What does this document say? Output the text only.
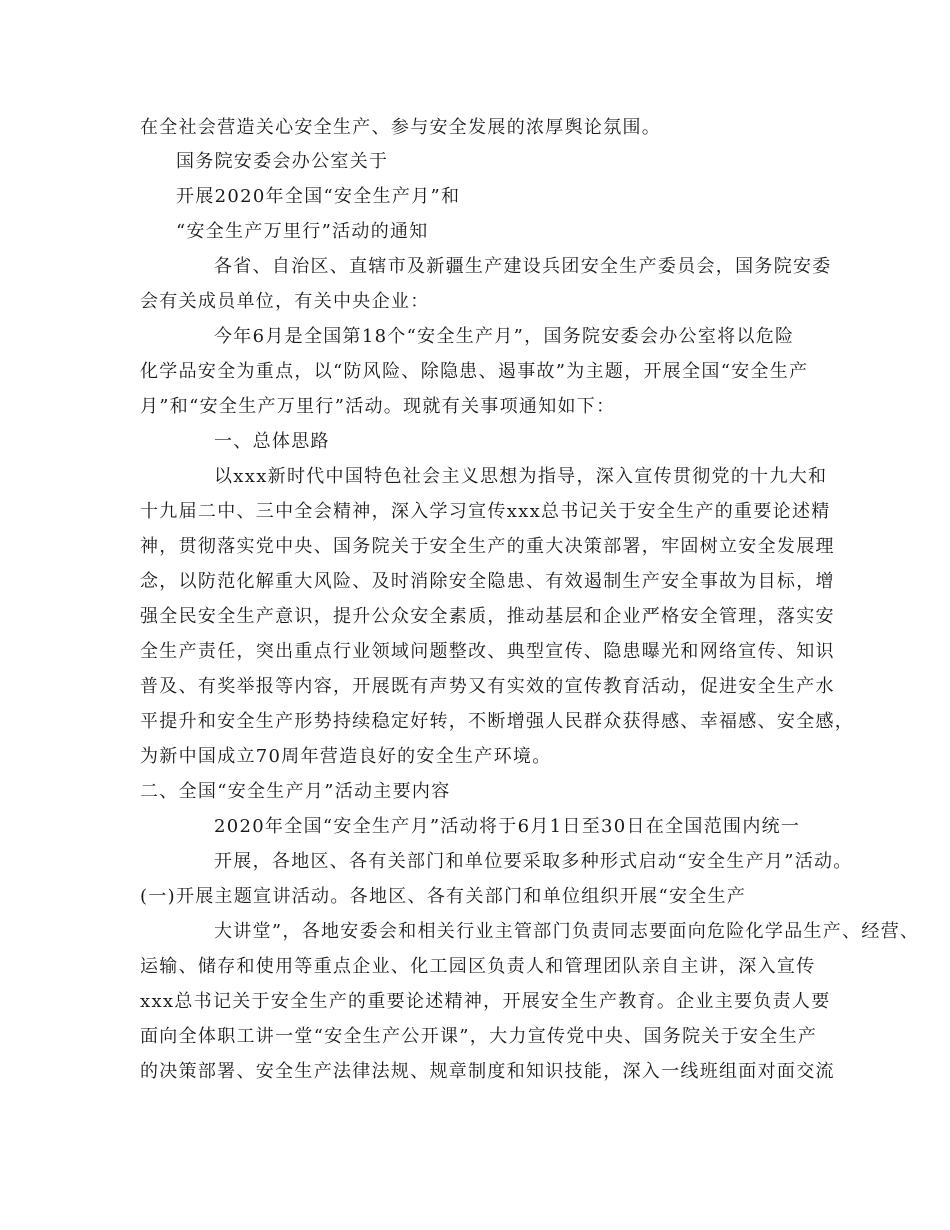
在全社会营造关心安全生产、参与安全发展的浓厚舆论氛围。

国务院安委会办公室关于

开展2020年全国“安全生产月”和

“安全生产万里行”活动的通知

各省、自治区、直辖市及新疆生产建设兵团安全生产委员会，国务院安委

会有关成员单位，有关中央企业：

今年6月是全国第18个“安全生产月”，国务院安委会办公室将以危险

化学品安全为重点，以“防风险、除隐患、遏事故”为主题，开展全国“安全生产

月”和“安全生产万里行”活动。现就有关事项通知如下：

一、总体思路

以xxx新时代中国特色社会主义思想为指导，深入宣传贯彻党的十九大和

十九届二中、三中全会精神，深入学习宣传xxx总书记关于安全生产的重要论述精

神，贯彻落实党中央、国务院关于安全生产的重大决策部署，牢固树立安全发展理

念，以防范化解重大风险、及时消除安全隐患、有效遏制生产安全事故为目标，增

强全民安全生产意识，提升公众安全素质，推动基层和企业严格安全管理，落实安

全生产责任，突出重点行业领域问题整改、典型宣传、隐患曝光和网络宣传、知识

普及、有奖举报等内容，开展既有声势又有实效的宣传教育活动，促进安全生产水

平提升和安全生产形势持续稳定好转，不断增强人民群众获得感、幸福感、安全感，

为新中国成立70周年营造良好的安全生产环境。

二、全国“安全生产月”活动主要内容

2020年全国“安全生产月”活动将于6月1日至30日在全国范围内统一

开展，各地区、各有关部门和单位要采取多种形式启动“安全生产月”活动。

(一)开展主题宣讲活动。各地区、各有关部门和单位组织开展“安全生产

大讲堂”，各地安委会和相关行业主管部门负责同志要面向危险化学品生产、经营、

运输、储存和使用等重点企业、化工园区负责人和管理团队亲自主讲，深入宣传

xxx总书记关于安全生产的重要论述精神，开展安全生产教育。企业主要负责人要

面向全体职工讲一堂“安全生产公开课”，大力宣传党中央、国务院关于安全生产

的决策部署、安全生产法律法规、规章制度和知识技能，深入一线班组面对面交流
